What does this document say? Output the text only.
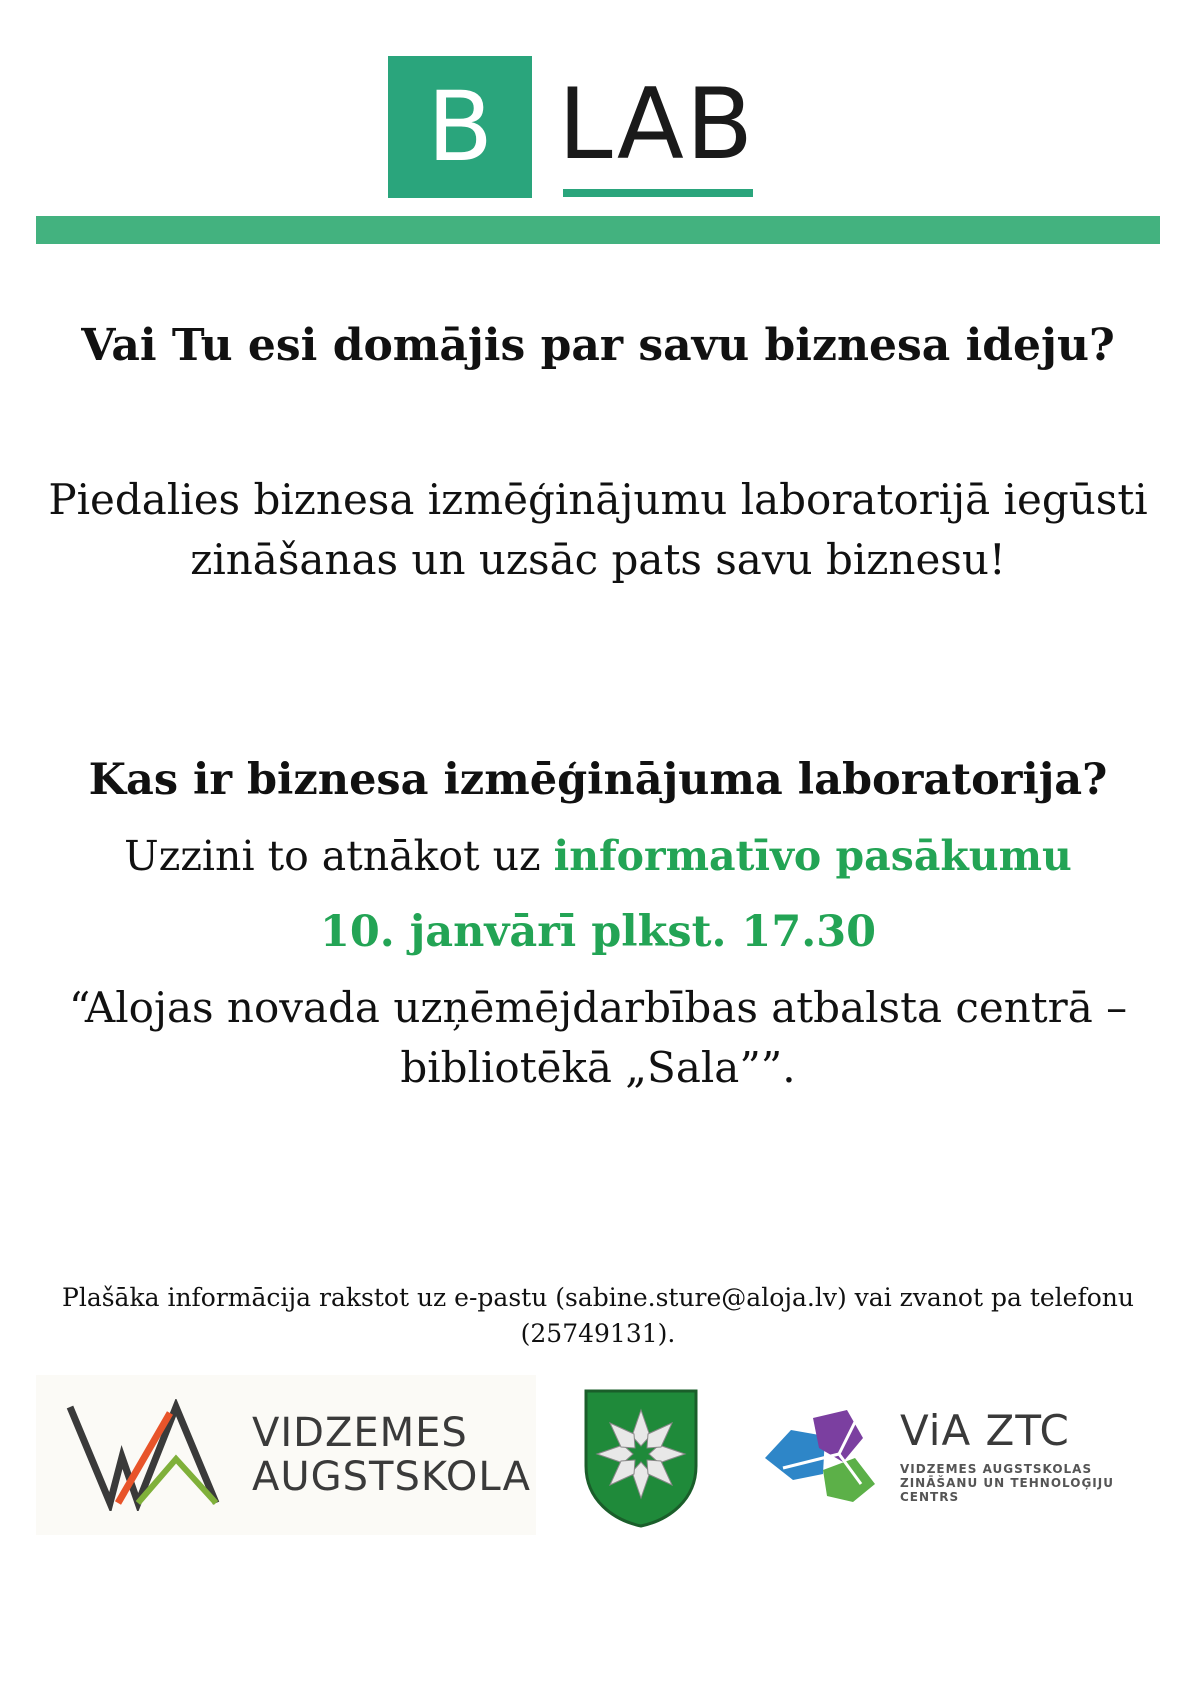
B LAB
Vai Tu esi domājis par savu biznesa ideju?

Piedalies biznesa izmēģinājumu laboratorijā iegūsti
zināšanas un uzsāc pats savu biznesu!

Kas ir biznesa izmēģinājuma laboratorija?

Uzzini to atnākot uz informatīvo pasākumu

10. janvārī plkst. 17.30

“Alojas novada uzņēmējdarbības atbalsta centrā –
bibliotēkā „Sala””.

Plašāka informācija rakstot uz e-pastu (sabine.sture@aloja.lv) vai zvanot pa telefonu
(25749131).

VIDZEMES
AUGSTSKOLA
ViA ZTC
VIDZEMES AUGSTSKOLAS
ZINĀŠANU UN TEHNOLOĢIJU
CENTRS
